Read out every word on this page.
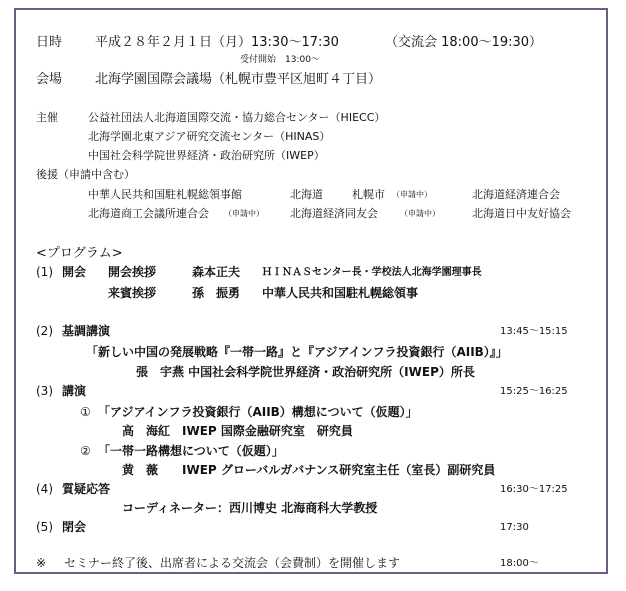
日時	平成２８年２月１日（月）13:30～17:30	（交流会 18:00～19:30）
受付開始　13:00～
会場	北海学園国際会議場（札幌市豊平区旭町４丁目）
主催	公益社団法人北海道国際交流・協力総合センター（HIECC）
北海学園北東アジア研究交流センター（HINAS）
中国社会科学院世界経済・政治研究所（IWEP）
後援（申請中含む）
中華人民共和国駐札幌総領事館	北海道	札幌市 （申請中）	北海道経済連合会
北海道商工会議所連合会 （申請中） 北海道経済同友会	（申請中）	北海道日中友好協会
<プログラム>
(1) 開会 開会挨拶	森本正夫 ＨＩＮＡＳセンター長・学校法人北海学園理事長
来賓挨拶	孫　振勇 中華人民共和国駐札幌総領事
(2) 基調講演	13:45～15:15
「新しい中国の発展戦略『一帯一路』と『アジアインフラ投資銀行（AIIB）』」
張　宇燕 中国社会科学院世界経済・政治研究所（IWEP）所長
(3) 講演	15:25～16:25
① 「アジアインフラ投資銀行（AIIB）構想について（仮題）」
高　海紅　IWEP 国際金融研究室　研究員
② 「一帯一路構想について（仮題）」
黄　薇　　IWEP グローバルガバナンス研究室主任（室長）副研究員
(4) 質疑応答	16:30～17:25
コーディネーター：西川博史 北海商科大学教授
(5) 閉会	17:30
※ セミナー終了後、出席者による交流会（会費制）を開催します	18:00～
